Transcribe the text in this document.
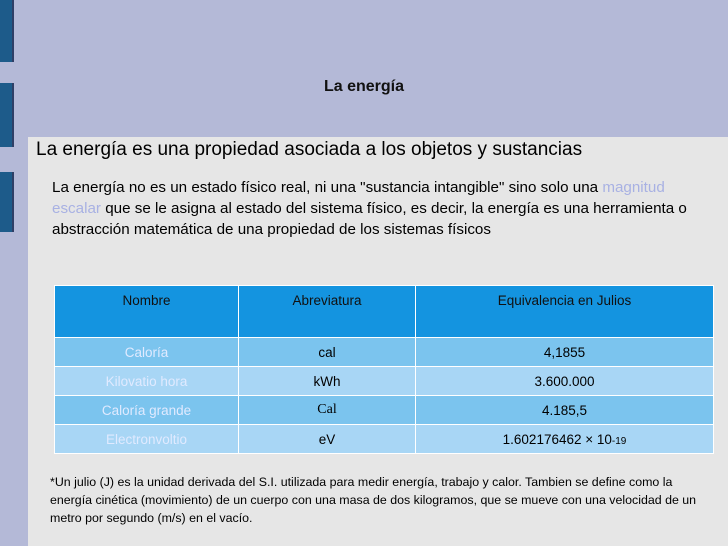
La energía
La energía es una propiedad asociada a los objetos y sustancias
La energía no es un estado físico real, ni una "sustancia intangible" sino solo una magnitud escalar que se le asigna al estado del sistema físico, es decir, la energía es una herramienta o abstracción matemática de una propiedad de los sistemas físicos
Nombre	Abreviatura	Equivalencia en Julios
Caloría	cal	4,1855
Kilovatio hora	kWh	3.600.000
Caloría grande	Cal	4.185,5
Electronvoltio	eV	1.602176462 × 10-19
*Un julio (J) es la unidad derivada del S.I. utilizada para medir energía, trabajo y calor. Tambien se define como la energía cinética (movimiento) de un cuerpo con una masa de dos kilogramos, que se mueve con una velocidad de un metro por segundo (m/s) en el vacío.
